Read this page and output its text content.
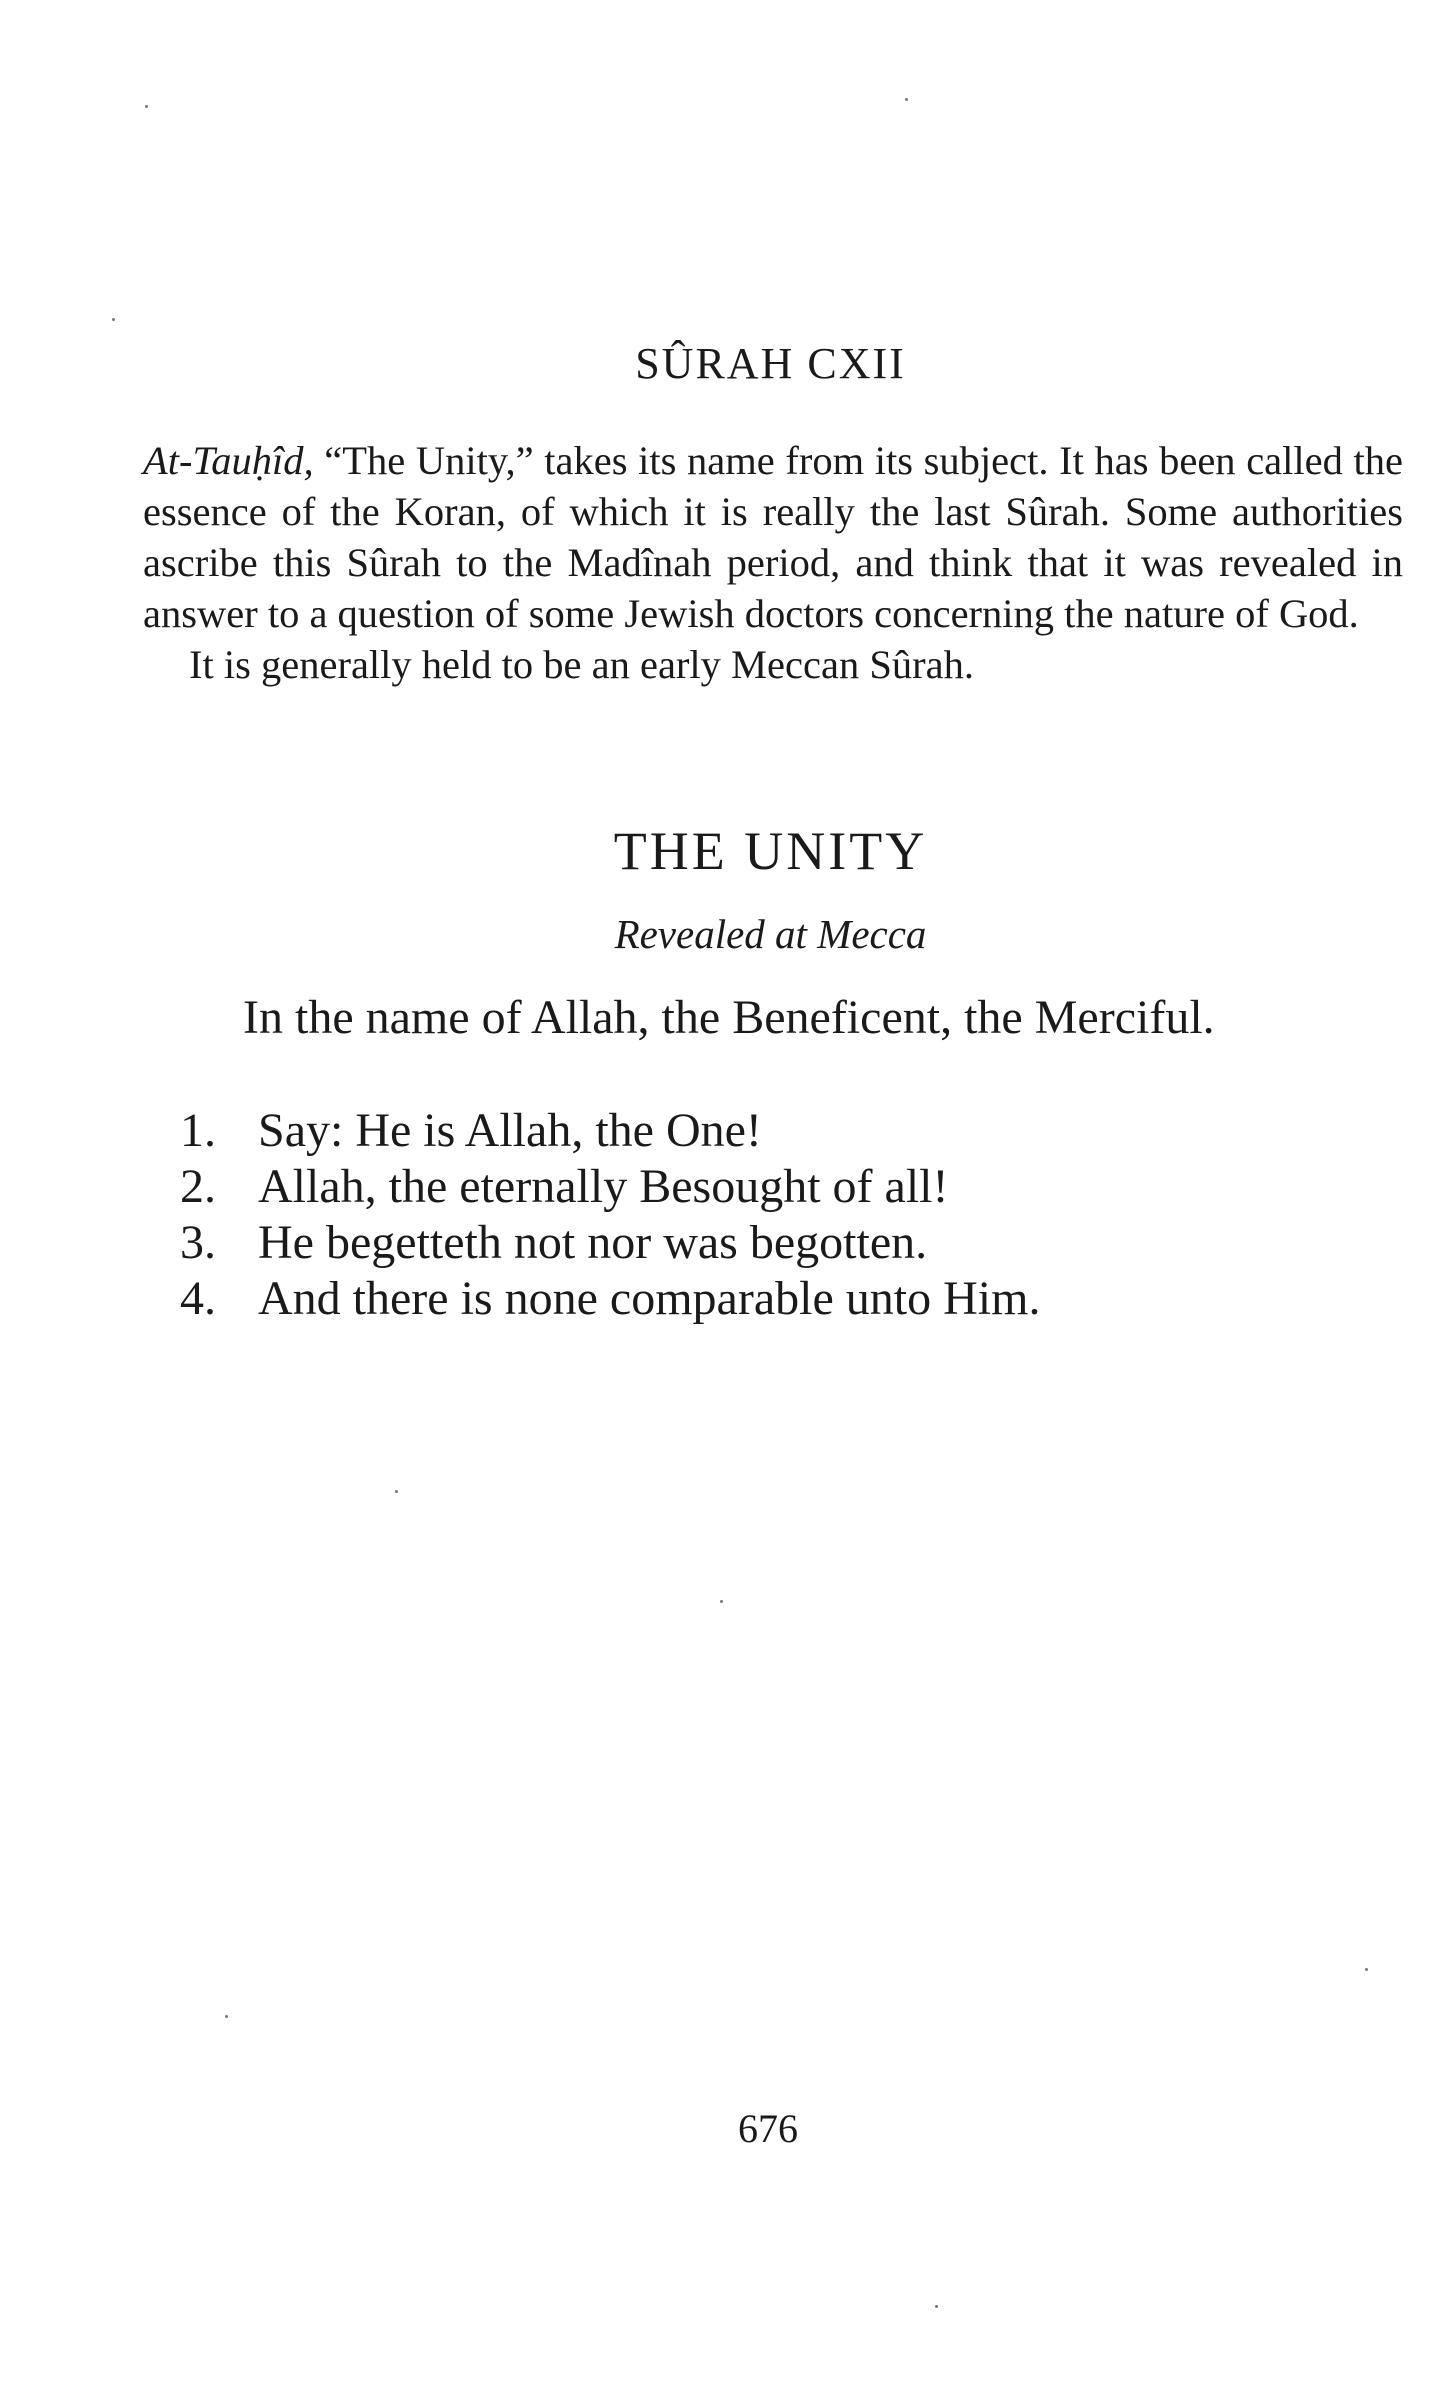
SÛRAH CXII

At-Tauḥîd, “The Unity,” takes its name from its subject. It has been called the essence of the Koran, of which it is really the last Sûrah. Some authorities ascribe this Sûrah to the Madînah period, and think that it was revealed in answer to a question of some Jewish doctors concerning the nature of God.

It is generally held to be an early Meccan Sûrah.

THE UNITY
Revealed at Mecca
In the name of Allah, the Beneficent, the Merciful.
1. Say: He is Allah, the One!
2. Allah, the eternally Besought of all!
3. He begetteth not nor was begotten.
4. And there is none comparable unto Him.
676
